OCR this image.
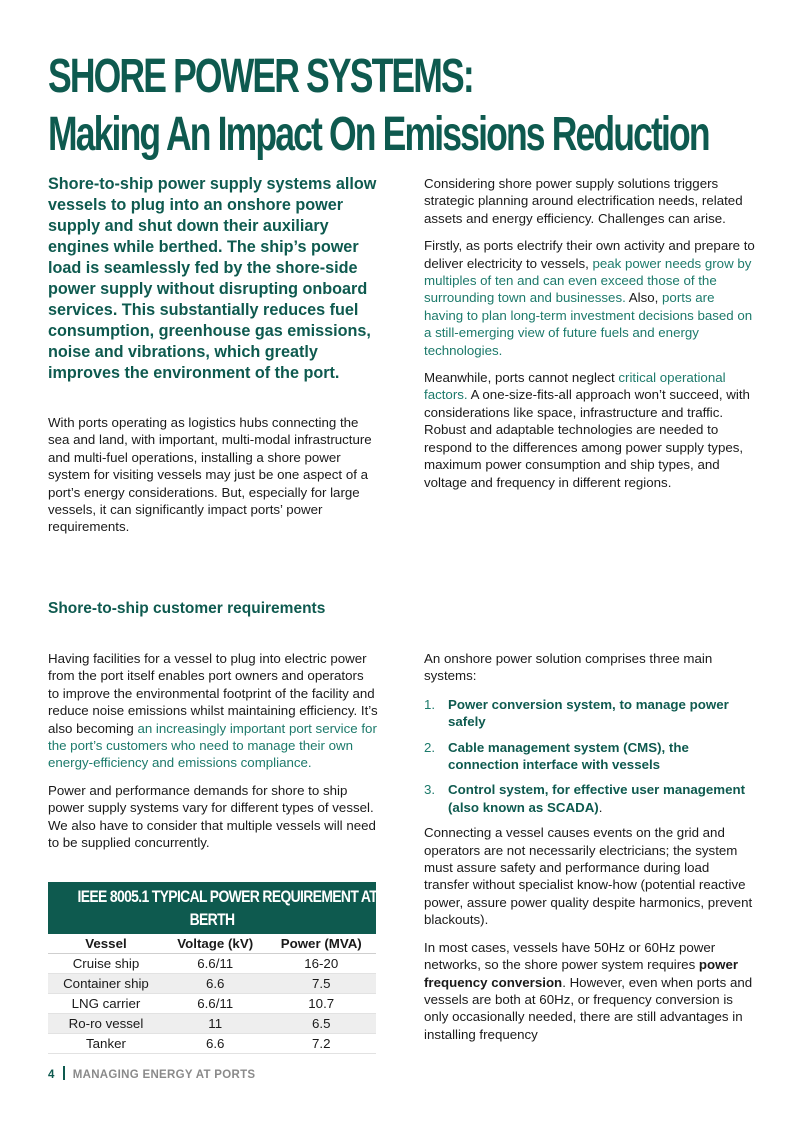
SHORE POWER SYSTEMS:
Making An Impact On Emissions Reduction

Shore-to-ship power supply systems allow vessels to plug into an onshore power supply and shut down their auxiliary engines while berthed. The ship’s power load is seamlessly fed by the shore-side power supply without disrupting onboard services. This substantially reduces fuel consumption, greenhouse gas emissions, noise and vibrations, which greatly improves the environment of the port.

With ports operating as logistics hubs connecting the sea and land, with important, multi-modal infrastructure and multi-fuel operations, installing a shore power system for visiting vessels may just be one aspect of a port’s energy considerations. But, especially for large vessels, it can significantly impact ports’ power requirements.

Considering shore power supply solutions triggers strategic planning around electrification needs, related assets and energy efficiency. Challenges can arise.

Firstly, as ports electrify their own activity and prepare to deliver electricity to vessels, peak power needs grow by multiples of ten and can even exceed those of the surrounding town and businesses. Also, ports are having to plan long-term investment decisions based on a still-emerging view of future fuels and energy technologies.

Meanwhile, ports cannot neglect critical operational factors. A one-size-fits-all approach won’t succeed, with considerations like space, infrastructure and traffic. Robust and adaptable technologies are needed to respond to the differences among power supply types, maximum power consumption and ship types, and voltage and frequency in different regions.

Shore-to-ship customer requirements

Having facilities for a vessel to plug into electric power from the port itself enables port owners and operators to improve the environmental footprint of the facility and reduce noise emissions whilst maintaining efficiency. It’s also becoming an increasingly important port service for the port’s customers who need to manage their own energy-efficiency and emissions compliance.

Power and performance demands for shore to ship power supply systems vary for different types of vessel. We also have to consider that multiple vessels will need to be supplied concurrently.

IEEE 8005.1 TYPICAL POWER REQUIREMENT AT
BERTH
Vessel	Voltage (kV)	Power (MVA)
Cruise ship	6.6/11	16-20
Container ship	6.6	7.5
LNG carrier	6.6/11	10.7
Ro-ro vessel	11	6.5
Tanker	6.6	7.2

An onshore power solution comprises three main systems:

1. Power conversion system, to manage power safely
2. Cable management system (CMS), the connection interface with vessels
3. Control system, for effective user management (also known as SCADA).

Connecting a vessel causes events on the grid and operators are not necessarily electricians; the system must assure safety and performance during load transfer without specialist know-how (potential reactive power, assure power quality despite harmonics, prevent blackouts).

In most cases, vessels have 50Hz or 60Hz power networks, so the shore power system requires power frequency conversion. However, even when ports and vessels are both at 60Hz, or frequency conversion is only occasionally needed, there are still advantages in installing frequency

4 MANAGING ENERGY AT PORTS
